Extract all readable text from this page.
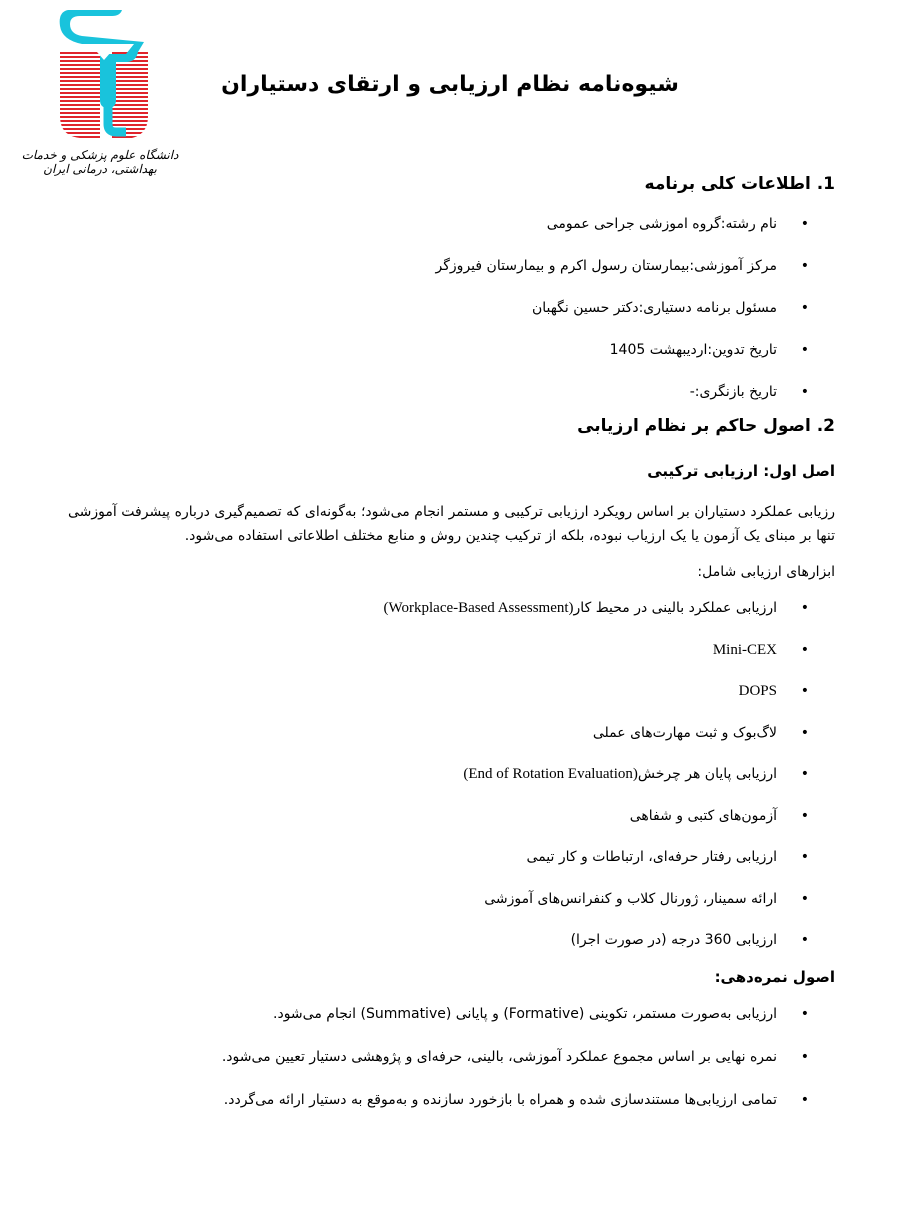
دانشگاه علوم پزشکی و خدمات بهداشتی، درمانی ایران
شیوه‌نامه نظام ارزیابی و ارتقای دستیاران
1. اطلاعات کلی برنامه
• نام رشته:گروه اموزشی جراحی عمومی
• مرکز آموزشی:بیمارستان رسول اکرم و بیمارستان فیروزگر
• مسئول برنامه دستیاری:دکتر حسین نگهبان
• تاریخ تدوین:اردیبهشت 1405
• تاریخ بازنگری:-
2. اصول حاکم بر نظام ارزیابی
اصل اول: ارزیابی ترکیبی

رزیابی عملکرد دستیاران بر اساس رویکرد ارزیابی ترکیبی و مستمر انجام می‌شود؛ به‌گونه‌ای که تصمیم‌گیری درباره پیشرفت آموزشی تنها بر مبنای یک آزمون یا یک ارزیاب نبوده، بلکه از ترکیب چندین روش و منابع مختلف اطلاعاتی استفاده می‌شود.

ابزارهای ارزیابی شامل:

• ارزیابی عملکرد بالینی در محیط کار(Workplace-Based Assessment)
• Mini-CEX
• DOPS
• لاگ‌بوک و ثبت مهارت‌های عملی
• ارزیابی پایان هر چرخش(End of Rotation Evaluation)
• آزمون‌های کتبی و شفاهی
• ارزیابی رفتار حرفه‌ای، ارتباطات و کار تیمی
• ارائه سمینار، ژورنال کلاب و کنفرانس‌های آموزشی
• ارزیابی 360 درجه (در صورت اجرا)
اصول نمره‌دهی:
• ارزیابی به‌صورت مستمر، تکوینی (Formative) و پایانی (Summative) انجام می‌شود.
• نمره نهایی بر اساس مجموع عملکرد آموزشی، بالینی، حرفه‌ای و پژوهشی دستیار تعیین می‌شود.
• تمامی ارزیابی‌ها مستندسازی شده و همراه با بازخورد سازنده و به‌موقع به دستیار ارائه می‌گردد.
